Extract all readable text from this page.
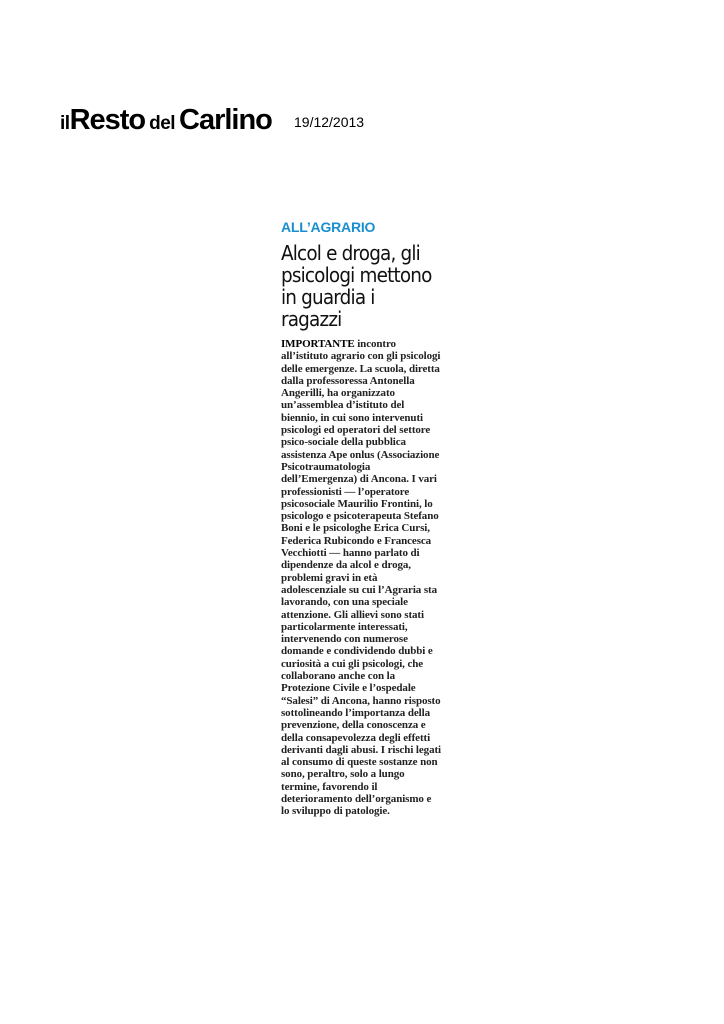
ilResto del Carlino 19/12/2013
ALL’AGRARIO
Alcol e droga, gli psicologi mettono in guardia i ragazzi

IMPORTANTE incontro all’istituto agrario con gli psicologi delle emergenze. La scuola, diretta dalla professoressa Antonella Angerilli, ha organizzato un’assemblea d’istituto del biennio, in cui sono intervenuti psicologi ed operatori del settore psico-sociale della pubblica assistenza Ape onlus (Associazione Psicotraumatologia dell’Emergenza) di Ancona. I vari professionisti — l’operatore psicosociale Maurilio Frontini, lo psicologo e psicoterapeuta Stefano Boni e le psicologhe Erica Cursi, Federica Rubicondo e Francesca Vecchiotti — hanno parlato di dipendenze da alcol e droga, problemi gravi in età adolescenziale su cui l’Agraria sta lavorando, con una speciale attenzione. Gli allievi sono stati particolarmente interessati, intervenendo con numerose domande e condividendo dubbi e curiosità a cui gli psicologi, che collaborano anche con la Protezione Civile e l’ospedale “Salesi” di Ancona, hanno risposto sottolineando l’importanza della prevenzione, della conoscenza e della consapevolezza degli effetti derivanti dagli abusi. I rischi legati al consumo di queste sostanze non sono, peraltro, solo a lungo termine, favorendo il deterioramento dell’organismo e lo sviluppo di patologie.
